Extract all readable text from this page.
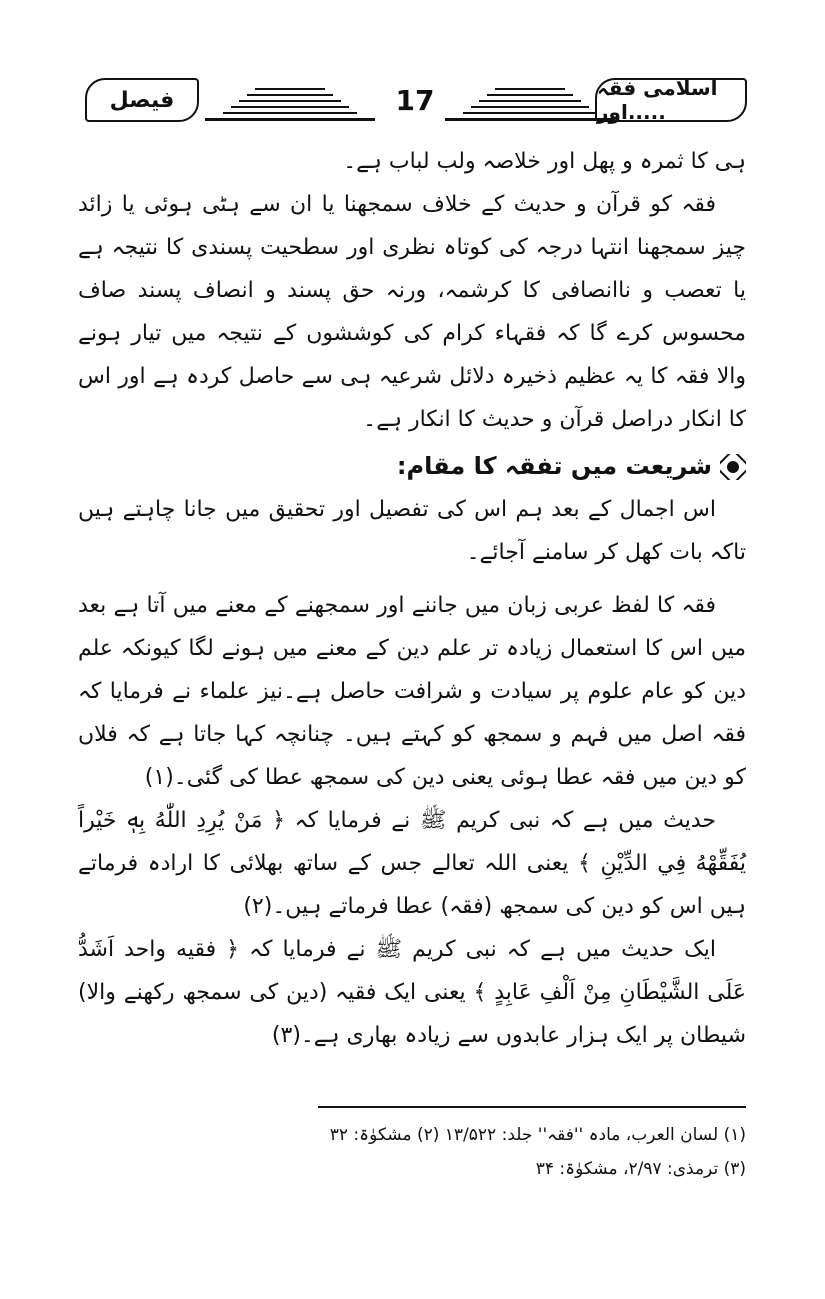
فیصل	17	اسلامی فقہ اور.....

ہی کا ثمرہ و پھل اور خلاصہ ولب لباب ہے۔

فقہ کو قرآن و حدیث کے خلاف سمجھنا یا ان سے ہٹی ہوئی یا زائد چیز سمجھنا انتہا درجہ کی کوتاہ نظری اور سطحیت پسندی کا نتیجہ ہے یا تعصب و ناانصافی کا کرشمہ، ورنہ حق پسند و انصاف پسند صاف محسوس کرے گا کہ فقہاء کرام کی کوششوں کے نتیجہ میں تیار ہونے والا فقہ کا یہ عظیم ذخیرہ دلائل شرعیہ ہی سے حاصل کردہ ہے اور اس کا انکار دراصل قرآن و حدیث کا انکار ہے۔

شریعت میں تفقہ کا مقام:

اس اجمال کے بعد ہم اس کی تفصیل اور تحقیق میں جانا چاہتے ہیں تاکہ بات کھل کر سامنے آجائے۔

فقہ کا لفظ عربی زبان میں جاننے اور سمجھنے کے معنے میں آتا ہے بعد میں اس کا استعمال زیادہ تر علم دین کے معنے میں ہونے لگا کیونکہ علم دین کو عام علوم پر سیادت و شرافت حاصل ہے۔نیز علماء نے فرمایا کہ فقہ اصل میں فہم و سمجھ کو کہتے ہیں۔ چنانچہ کہا جاتا ہے کہ فلاں کو دین میں فقہ عطا ہوئی یعنی دین کی سمجھ عطا کی گئی۔(۱)

حدیث میں ہے کہ نبی کریم ﷺ نے فرمایا کہ ﴿ مَنْ يُرِدِ اللّٰهُ بِهٖ خَيْراً يُفَقِّهْهُ فِي الدِّيْنِ ﴾ یعنی اللہ تعالے جس کے ساتھ بھلائی کا ارادہ فرماتے ہیں اس کو دین کی سمجھ (فقہ) عطا فرماتے ہیں۔(۲)

ایک حدیث میں ہے کہ نبی کریم ﷺ نے فرمایا کہ ﴿ فقيه واحد اَشَدُّ عَلَى الشَّيْطَانِ مِنْ اَلْفِ عَابِدٍ ﴾ یعنی ایک فقیہ (دین کی سمجھ رکھنے والا) شیطان پر ایک ہزار عابدوں سے زیادہ بھاری ہے۔(۳)

(۱) لسان العرب، مادہ ''فقہ'' جلد: ۱۳/۵۲۲ (۲) مشکوٰۃ: ۳۲
(۳) ترمذی: ۲/۹۷، مشکوٰۃ: ۳۴
